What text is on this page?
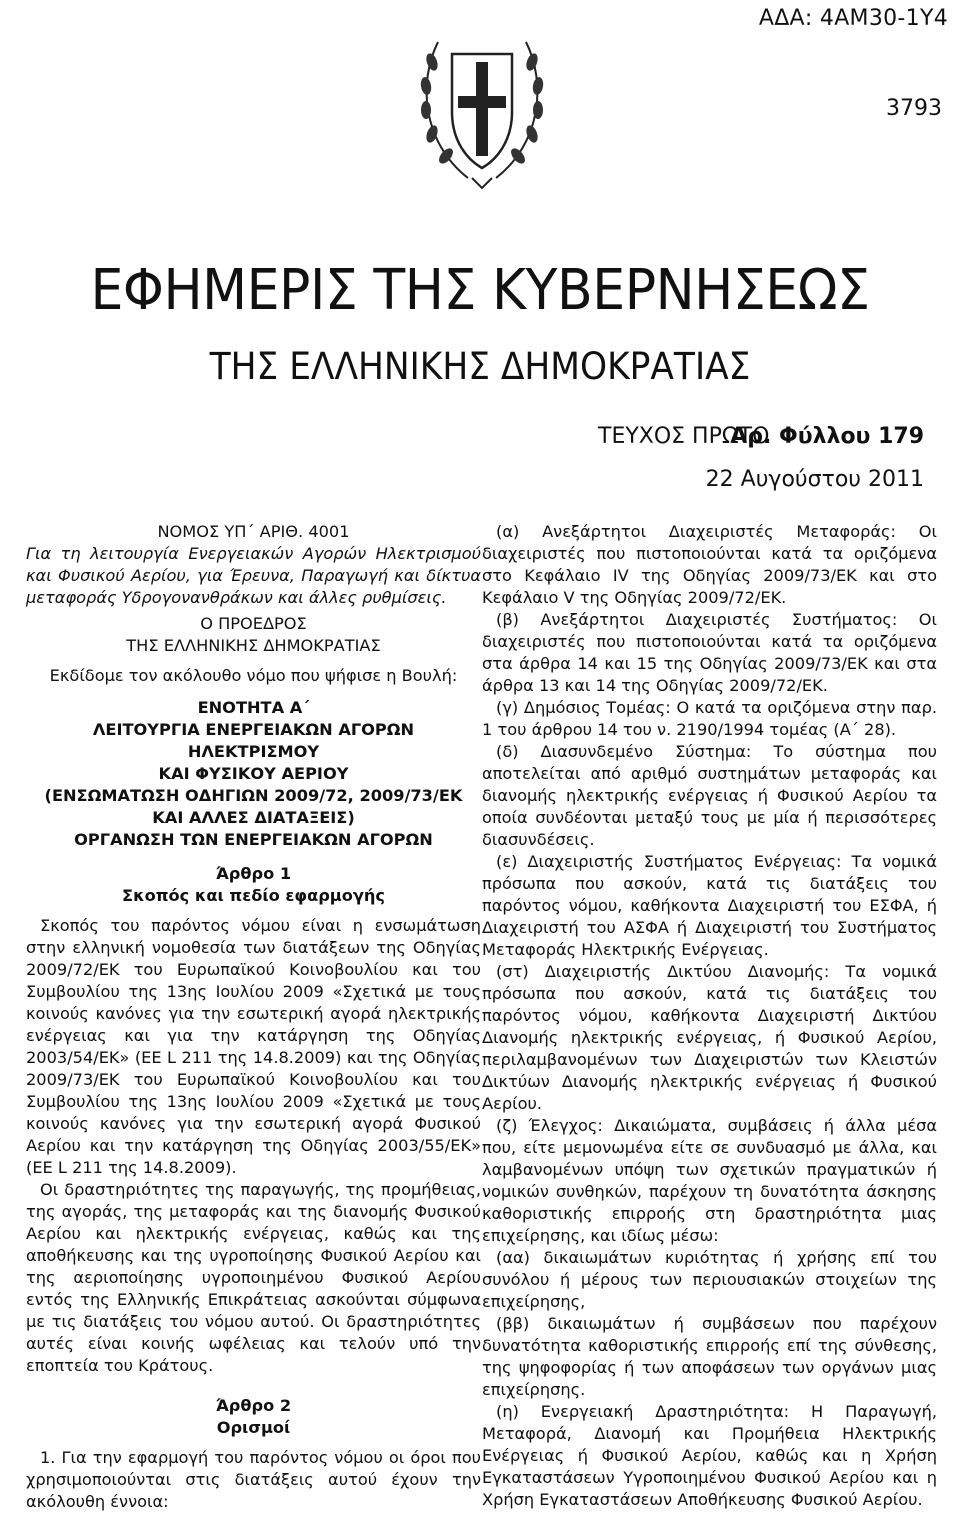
ΑΔΑ: 4ΑΜ30-1Υ4
3793
ΕΦΗΜΕΡΙΣ ΤΗΣ ΚΥΒΕΡΝΗΣΕΩΣ
ΤΗΣ ΕΛΛΗΝΙΚΗΣ ΔΗΜΟΚΡΑΤΙΑΣ
ΤΕΥΧΟΣ ΠΡΩΤΟ
Αρ. Φύλλου 179
22 Αυγούστου 2011

ΝΟΜΟΣ ΥΠ΄ ΑΡΙΘ. 4001

Για τη λειτουργία Ενεργειακών Αγορών Ηλεκτρισμού και Φυσικού Αερίου, για Έρευνα, Παραγωγή και δίκτυα μεταφοράς Υδρογονανθράκων και άλλες ρυθμίσεις.

Ο ΠΡΟΕΔΡΟΣ

ΤΗΣ ΕΛΛΗΝΙΚΗΣ ΔΗΜΟΚΡΑΤΙΑΣ

Εκδίδομε τον ακόλουθο νόμο που ψήφισε η Βουλή:

ΕΝΟΤΗΤΑ Α΄

ΛΕΙΤΟΥΡΓΙΑ ΕΝΕΡΓΕΙΑΚΩΝ ΑΓΟΡΩΝ ΗΛΕΚΤΡΙΣΜΟΥ

ΚΑΙ ΦΥΣΙΚΟΥ ΑΕΡΙΟΥ

(ΕΝΣΩΜΑΤΩΣΗ ΟΔΗΓΙΩΝ 2009/72, 2009/73/ΕΚ

ΚΑΙ ΑΛΛΕΣ ΔΙΑΤΑΞΕΙΣ)

ΟΡΓΑΝΩΣΗ ΤΩΝ ΕΝΕΡΓΕΙΑΚΩΝ ΑΓΟΡΩΝ

Άρθρο 1

Σκοπός και πεδίο εφαρμογής

Σκοπός του παρόντος νόμου είναι η ενσωμάτωση στην ελληνική νομοθεσία των διατάξεων της Οδηγίας 2009/72/ΕΚ του Ευρωπαϊκού Κοινοβουλίου και του Συμβουλίου της 13ης Ιουλίου 2009 «Σχετικά με τους κοινούς κανόνες για την εσωτερική αγορά ηλεκτρικής ενέργειας και για την κατάργηση της Οδηγίας 2003/54/ΕΚ» (ΕΕ L 211 της 14.8.2009) και της Οδηγίας 2009/73/ΕΚ του Ευρωπαϊκού Κοινοβουλίου και του Συμβουλίου της 13ης Ιουλίου 2009 «Σχετικά με τους κοινούς κανόνες για την εσωτερική αγορά Φυσικού Αερίου και την κατάργηση της Οδηγίας 2003/55/ΕΚ» (ΕΕ L 211 της 14.8.2009).

Οι δραστηριότητες της παραγωγής, της προμήθειας, της αγοράς, της μεταφοράς και της διανομής Φυσικού Αερίου και ηλεκτρικής ενέργειας, καθώς και της αποθήκευσης και της υγροποίησης Φυσικού Αερίου και της αεριοποίησης υγροποιημένου Φυσικού Αερίου εντός της Ελληνικής Επικράτειας ασκούνται σύμφωνα με τις διατάξεις του νόμου αυτού. Οι δραστηριότητες αυτές είναι κοινής ωφέλειας και τελούν υπό την εποπτεία του Κράτους.

Άρθρο 2

Ορισμοί

1. Για την εφαρμογή του παρόντος νόμου οι όροι που χρησιμοποιούνται στις διατάξεις αυτού έχουν την ακόλουθη έννοια:

(α) Ανεξάρτητοι Διαχειριστές Μεταφοράς: Οι διαχειριστές που πιστοποιούνται κατά τα οριζόμενα στο Κεφάλαιο IV της Οδηγίας 2009/73/ΕΚ και στο Κεφάλαιο V της Οδηγίας 2009/72/ΕΚ.

(β) Ανεξάρτητοι Διαχειριστές Συστήματος: Οι διαχειριστές που πιστοποιούνται κατά τα οριζόμενα στα άρθρα 14 και 15 της Οδηγίας 2009/73/ΕΚ και στα άρθρα 13 και 14 της Οδηγίας 2009/72/ΕΚ.

(γ) Δημόσιος Τομέας: Ο κατά τα οριζόμενα στην παρ. 1 του άρθρου 14 του ν. 2190/1994 τομέας (Α΄ 28).

(δ) Διασυνδεμένο Σύστημα: Το σύστημα που αποτελείται από αριθμό συστημάτων μεταφοράς και διανομής ηλεκτρικής ενέργειας ή Φυσικού Αερίου τα οποία συνδέονται μεταξύ τους με μία ή περισσότερες διασυνδέσεις.

(ε) Διαχειριστής Συστήματος Ενέργειας: Τα νομικά πρόσωπα που ασκούν, κατά τις διατάξεις του παρόντος νόμου, καθήκοντα Διαχειριστή του ΕΣΦΑ, ή Διαχειριστή του ΑΣΦΑ ή Διαχειριστή του Συστήματος Μεταφοράς Ηλεκτρικής Ενέργειας.

(στ) Διαχειριστής Δικτύου Διανομής: Τα νομικά πρόσωπα που ασκούν, κατά τις διατάξεις του παρόντος νόμου, καθήκοντα Διαχειριστή Δικτύου Διανομής ηλεκτρικής ενέργειας, ή Φυσικού Αερίου, περιλαμβανομένων των Διαχειριστών των Κλειστών Δικτύων Διανομής ηλεκτρικής ενέργειας ή Φυσικού Αερίου.

(ζ) Έλεγχος: Δικαιώματα, συμβάσεις ή άλλα μέσα που, είτε μεμονωμένα είτε σε συνδυασμό με άλλα, και λαμβανομένων υπόψη των σχετικών πραγματικών ή νομικών συνθηκών, παρέχουν τη δυνατότητα άσκησης καθοριστικής επιρροής στη δραστηριότητα μιας επιχείρησης, και ιδίως μέσω:

(αα) δικαιωμάτων κυριότητας ή χρήσης επί του συνόλου ή μέρους των περιουσιακών στοιχείων της επιχείρησης,

(ββ) δικαιωμάτων ή συμβάσεων που παρέχουν δυνατότητα καθοριστικής επιρροής επί της σύνθεσης, της ψηφοφορίας ή των αποφάσεων των οργάνων μιας επιχείρησης.

(η) Ενεργειακή Δραστηριότητα: Η Παραγωγή, Μεταφορά, Διανομή και Προμήθεια Ηλεκτρικής Ενέργειας ή Φυσικού Αερίου, καθώς και η Χρήση Εγκαταστάσεων Υγροποιημένου Φυσικού Αερίου και η Χρήση Εγκαταστάσεων Αποθήκευσης Φυσικού Αερίου.
